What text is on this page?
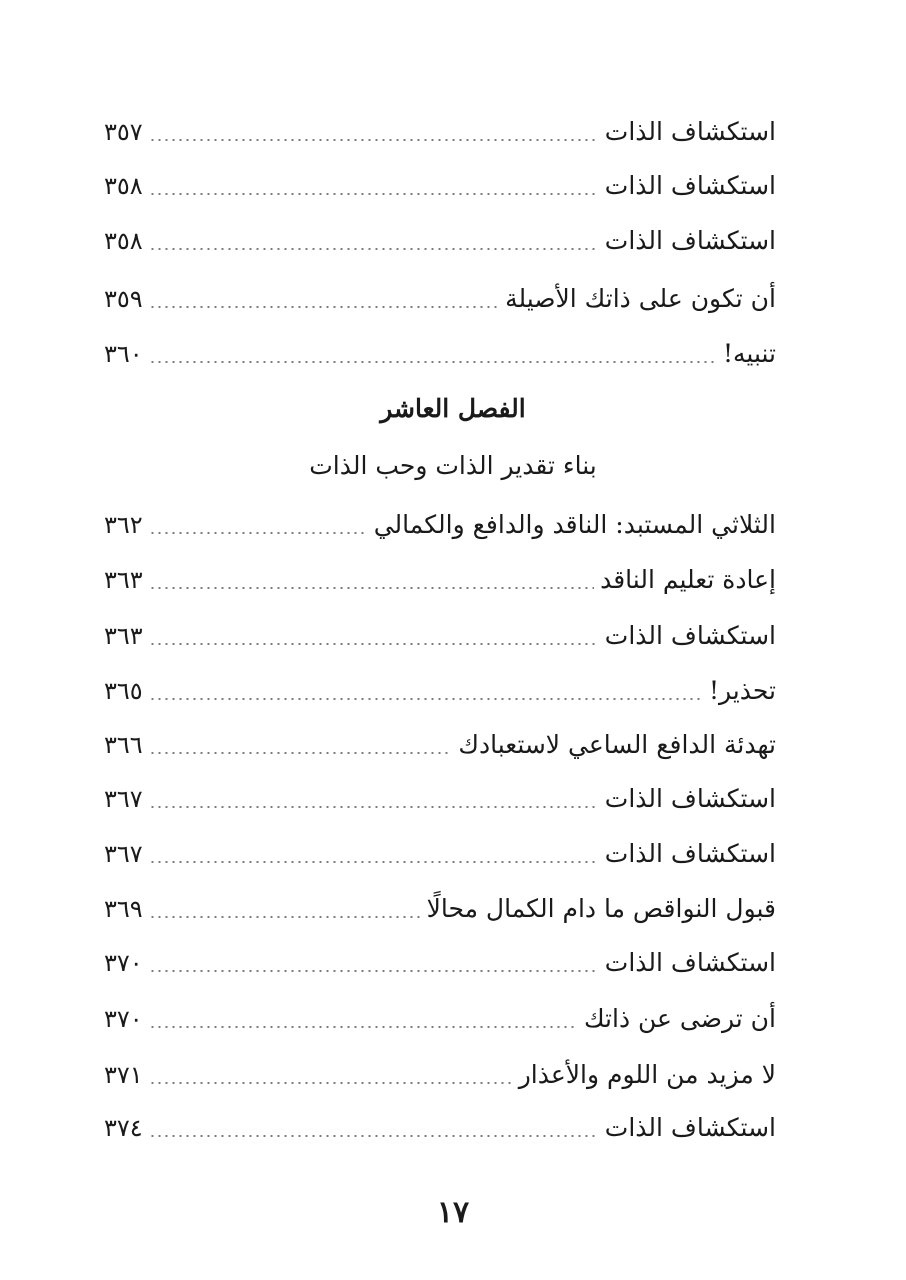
استكشاف الذات
٣٥٧
استكشاف الذات
٣٥٨
استكشاف الذات
٣٥٨
أن تكون على ذاتك الأصيلة
٣٥٩
تنبيه!
٣٦٠
الفصل العاشر
بناء تقدير الذات وحب الذات
الثلاثي المستبد: الناقد والدافع والكمالي
٣٦٢
إعادة تعليم الناقد
٣٦٣
استكشاف الذات
٣٦٣
تحذير!
٣٦٥
تهدئة الدافع الساعي لاستعبادك
٣٦٦
استكشاف الذات
٣٦٧
استكشاف الذات
٣٦٧
قبول النواقص ما دام الكمال محالًا
٣٦٩
استكشاف الذات
٣٧٠
أن ترضى عن ذاتك
٣٧٠
لا مزيد من اللوم والأعذار
٣٧١
استكشاف الذات
٣٧٤
١٧
